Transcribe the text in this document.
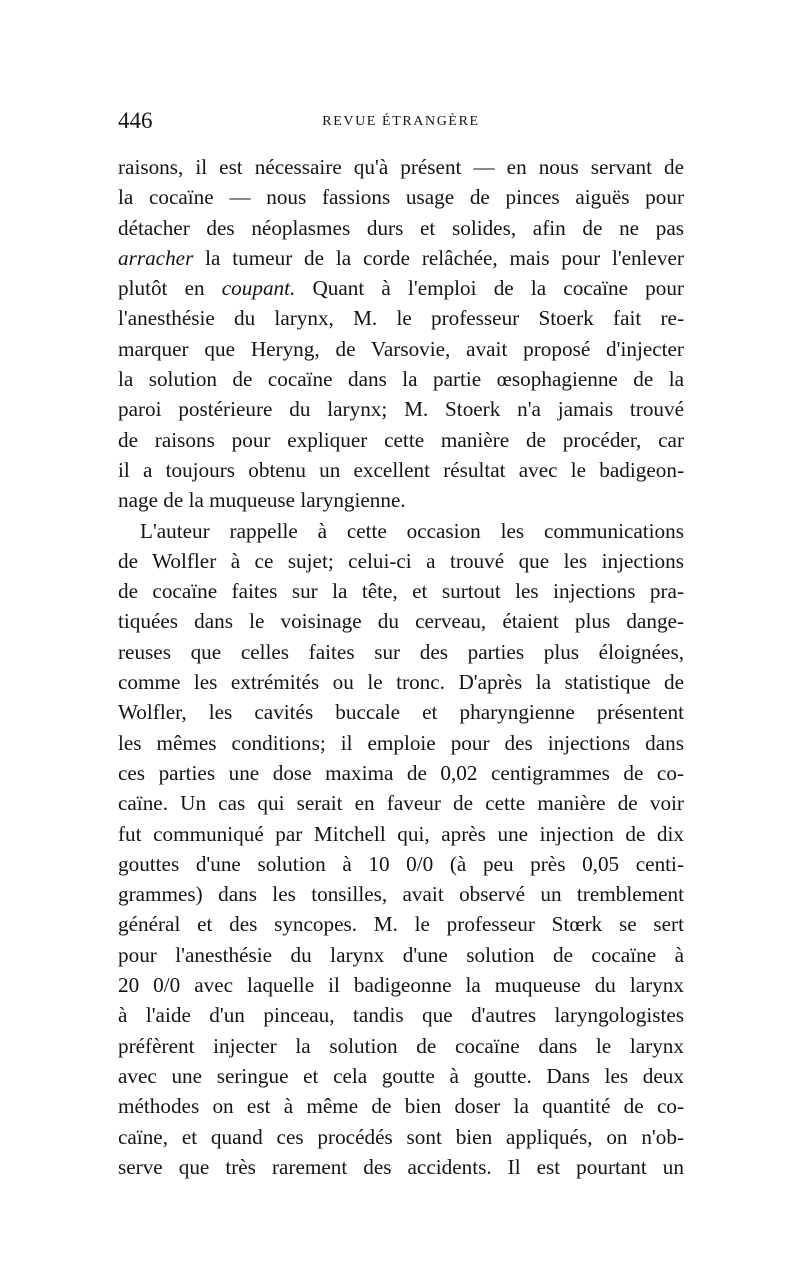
446	REVUE ÉTRANGÈRE
raisons, il est nécessaire qu'à présent — en nous servant de
la cocaïne — nous fassions usage de pinces aiguës pour
détacher des néoplasmes durs et solides, afin de ne pas
arracher la tumeur de la corde relâchée, mais pour l'enlever
plutôt en coupant. Quant à l'emploi de la cocaïne pour
l'anesthésie du larynx, M. le professeur Stoerk fait re-
marquer que Heryng, de Varsovie, avait proposé d'injecter
la solution de cocaïne dans la partie œsophagienne de la
paroi postérieure du larynx; M. Stoerk n'a jamais trouvé
de raisons pour expliquer cette manière de procéder, car
il a toujours obtenu un excellent résultat avec le badigeon-
nage de la muqueuse laryngienne.
L'auteur rappelle à cette occasion les communications
de Wolfler à ce sujet; celui-ci a trouvé que les injections
de cocaïne faites sur la tête, et surtout les injections pra-
tiquées dans le voisinage du cerveau, étaient plus dange-
reuses que celles faites sur des parties plus éloignées,
comme les extrémités ou le tronc. D'après la statistique de
Wolfler, les cavités buccale et pharyngienne présentent
les mêmes conditions; il emploie pour des injections dans
ces parties une dose maxima de 0,02 centigrammes de co-
caïne. Un cas qui serait en faveur de cette manière de voir
fut communiqué par Mitchell qui, après une injection de dix
gouttes d'une solution à 10 0/0 (à peu près 0,05 centi-
grammes) dans les tonsilles, avait observé un tremblement
général et des syncopes. M. le professeur Stœrk se sert
pour l'anesthésie du larynx d'une solution de cocaïne à
20 0/0 avec laquelle il badigeonne la muqueuse du larynx
à l'aide d'un pinceau, tandis que d'autres laryngologistes
préfèrent injecter la solution de cocaïne dans le larynx
avec une seringue et cela goutte à goutte. Dans les deux
méthodes on est à même de bien doser la quantité de co-
caïne, et quand ces procédés sont bien appliqués, on n'ob-
serve que très rarement des accidents. Il est pourtant un
